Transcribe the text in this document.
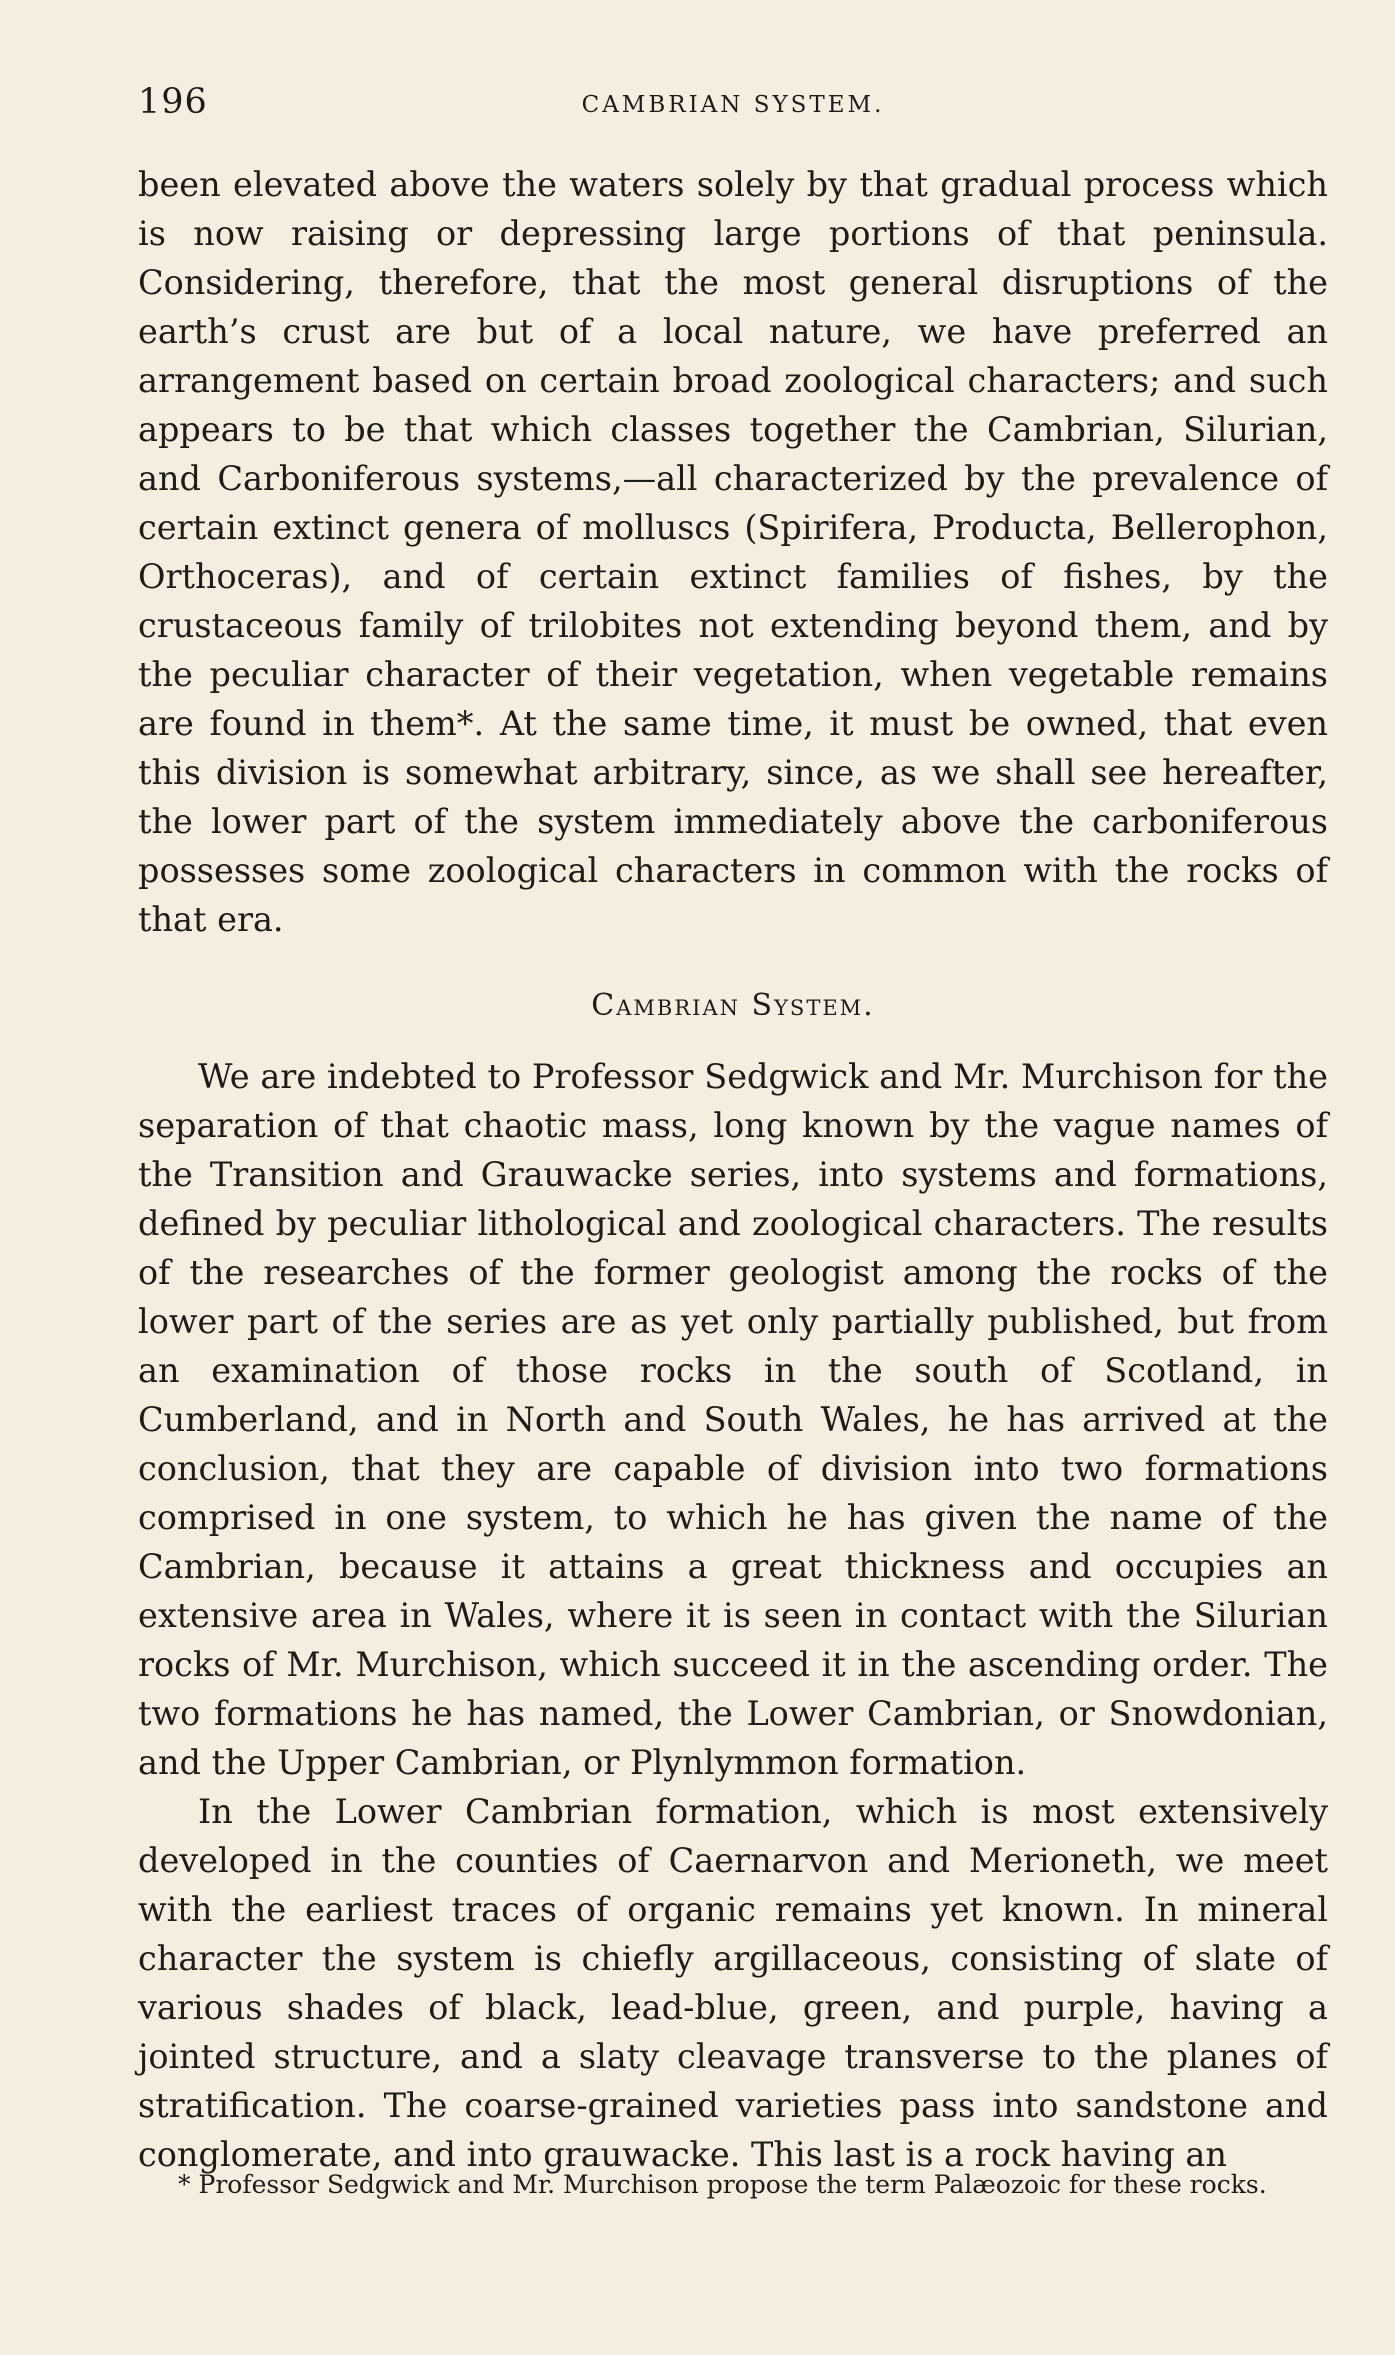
196	CAMBRIAN SYSTEM.

been elevated above the waters solely by that gradual process which is now raising or depressing large portions of that peninsula. Considering, therefore, that the most general disruptions of the earth’s crust are but of a local nature, we have preferred an arrangement based on certain broad zoological characters; and such appears to be that which classes together the Cambrian, Silurian, and Carboniferous systems,—all characterized by the prevalence of certain extinct genera of molluscs (Spirifera, Producta, Bellerophon, Orthoceras), and of certain extinct families of fishes, by the crustaceous family of trilobites not extending beyond them, and by the peculiar character of their vegetation, when vegetable remains are found in them*. At the same time, it must be owned, that even this division is somewhat arbitrary, since, as we shall see hereafter, the lower part of the system immediately above the carboniferous possesses some zoological characters in common with the rocks of that era.

Cambrian System.

We are indebted to Professor Sedgwick and Mr. Murchison for the separation of that chaotic mass, long known by the vague names of the Transition and Grauwacke series, into systems and formations, defined by peculiar lithological and zoological characters. The results of the researches of the former geologist among the rocks of the lower part of the series are as yet only partially published, but from an examination of those rocks in the south of Scotland, in Cumberland, and in North and South Wales, he has arrived at the conclusion, that they are capable of division into two formations comprised in one system, to which he has given the name of the Cambrian, because it attains a great thickness and occupies an extensive area in Wales, where it is seen in contact with the Silurian rocks of Mr. Murchison, which succeed it in the ascending order. The two formations he has named, the Lower Cambrian, or Snowdonian, and the Upper Cambrian, or Plynlymmon formation.

In the Lower Cambrian formation, which is most extensively developed in the counties of Caernarvon and Merioneth, we meet with the earliest traces of organic remains yet known. In mineral character the system is chiefly argillaceous, consisting of slate of various shades of black, lead-blue, green, and purple, having a jointed structure, and a slaty cleavage transverse to the planes of stratification. The coarse-grained varieties pass into sandstone and conglomerate, and into grauwacke. This last is a rock having an

* Professor Sedgwick and Mr. Murchison propose the term Palæozoic for these rocks.
